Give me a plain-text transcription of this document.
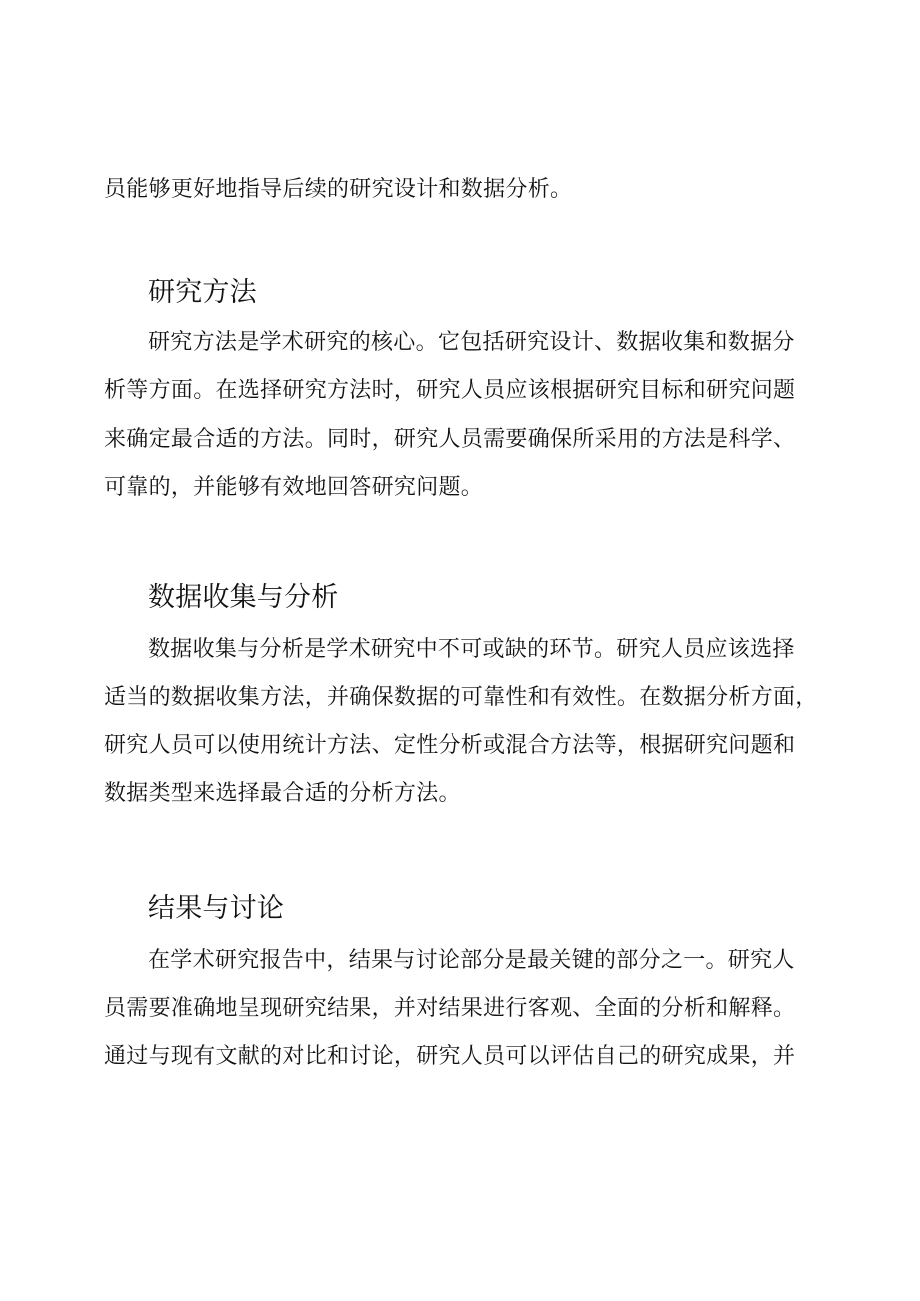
员能够更好地指导后续的研究设计和数据分析。
研究方法
研究方法是学术研究的核心。它包括研究设计、数据收集和数据分
析等方面。在选择研究方法时，研究人员应该根据研究目标和研究问题
来确定最合适的方法。同时，研究人员需要确保所采用的方法是科学、
可靠的，并能够有效地回答研究问题。
数据收集与分析
数据收集与分析是学术研究中不可或缺的环节。研究人员应该选择
适当的数据收集方法，并确保数据的可靠性和有效性。在数据分析方面，
研究人员可以使用统计方法、定性分析或混合方法等，根据研究问题和
数据类型来选择最合适的分析方法。
结果与讨论
在学术研究报告中，结果与讨论部分是最关键的部分之一。研究人
员需要准确地呈现研究结果，并对结果进行客观、全面的分析和解释。
通过与现有文献的对比和讨论，研究人员可以评估自己的研究成果，并
